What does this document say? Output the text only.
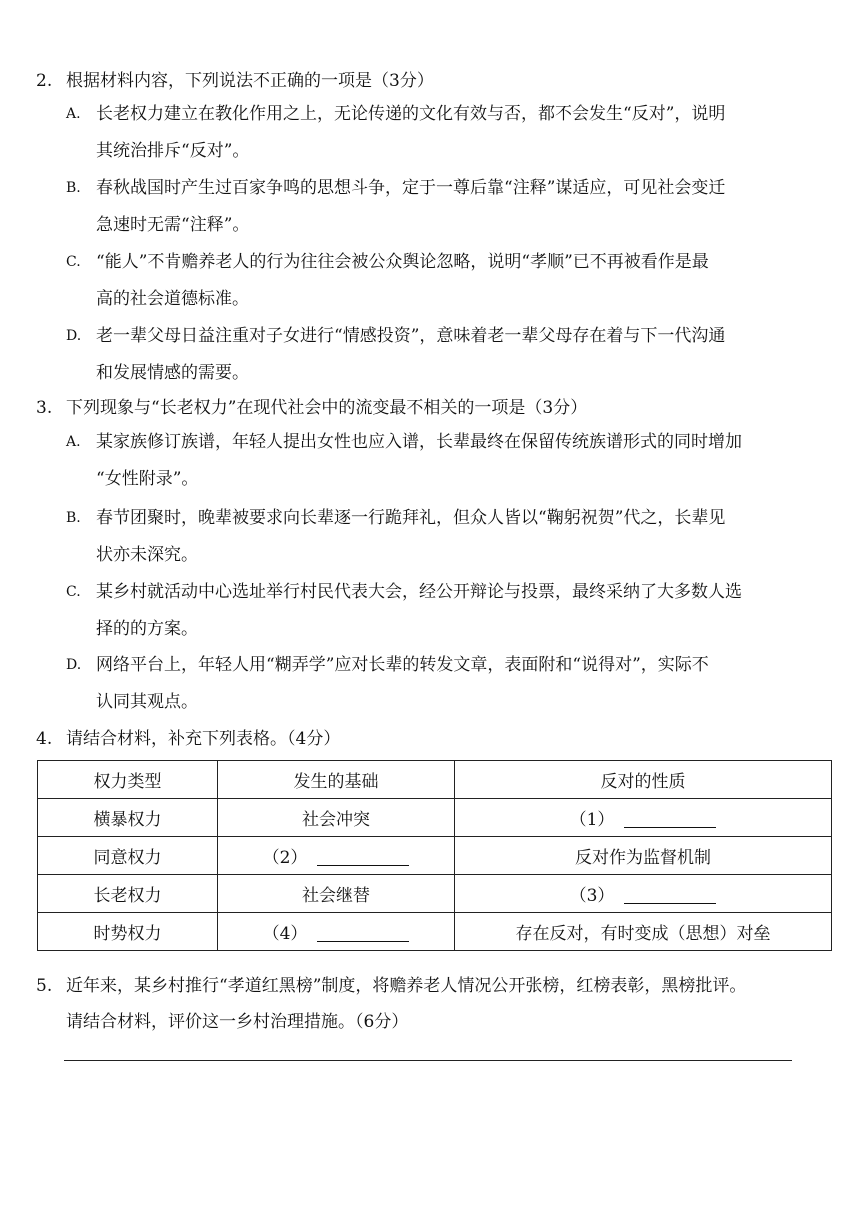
2. 根据材料内容，下列说法不正确的一项是（3分）
A. 长老权力建立在教化作用之上，无论传递的文化有效与否，都不会发生“反对”，说明
其统治排斥“反对”。
B. 春秋战国时产生过百家争鸣的思想斗争，定于一尊后靠“注释”谋适应，可见社会变迁
急速时无需“注释”。
C. “能人”不肯赡养老人的行为往往会被公众舆论忽略，说明“孝顺”已不再被看作是最
高的社会道德标准。
D. 老一辈父母日益注重对子女进行“情感投资”，意味着老一辈父母存在着与下一代沟通
和发展情感的需要。
3. 下列现象与“长老权力”在现代社会中的流变最不相关的一项是（3分）
A. 某家族修订族谱，年轻人提出女性也应入谱，长辈最终在保留传统族谱形式的同时增加
“女性附录”。
B. 春节团聚时，晚辈被要求向长辈逐一行跪拜礼，但众人皆以“鞠躬祝贺”代之，长辈见
状亦未深究。
C. 某乡村就活动中心选址举行村民代表大会，经公开辩论与投票，最终采纳了大多数人选
择的的方案。
D. 网络平台上，年轻人用“糊弄学”应对长辈的转发文章，表面附和“说得对”，实际不
认同其观点。
4. 请结合材料，补充下列表格。（4分）
权力类型	发生的基础	反对的性质
横暴权力	社会冲突	（1）
同意权力	（2）	反对作为监督机制
长老权力	社会继替	（3）
时势权力	（4）	存在反对，有时变成（思想）对垒
5. 近年来，某乡村推行“孝道红黑榜”制度，将赡养老人情况公开张榜，红榜表彰，黑榜批评。
请结合材料，评价这一乡村治理措施。（6分）
